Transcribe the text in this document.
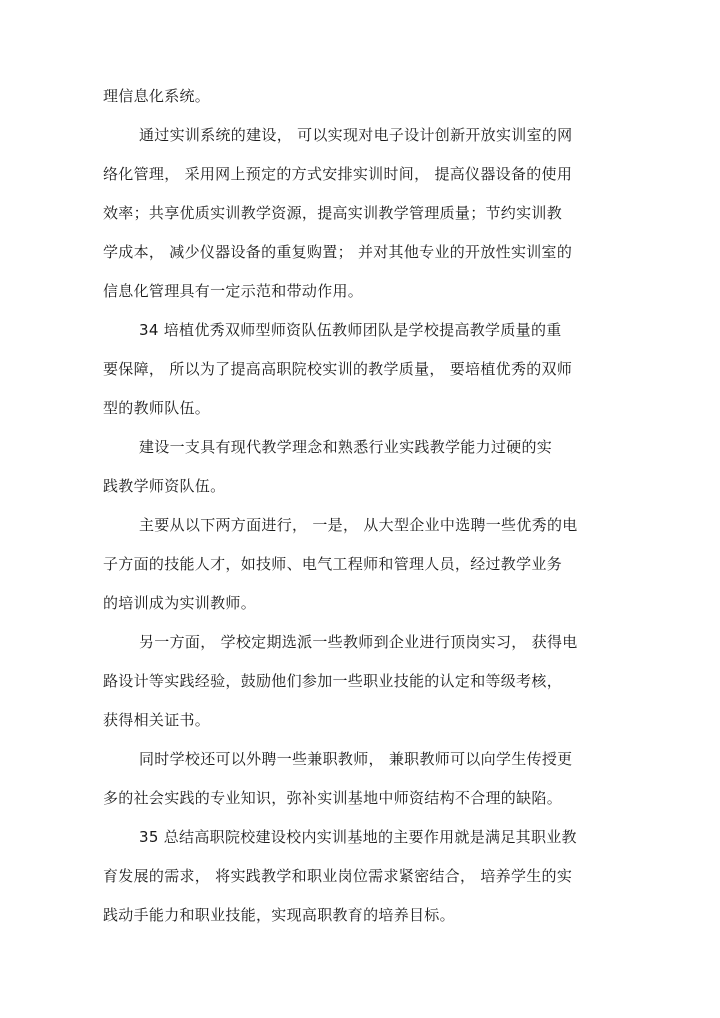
理信息化系统。
通过实训系统的建设， 可以实现对电子设计创新开放实训室的网
络化管理， 采用网上预定的方式安排实训时间， 提高仪器设备的使用
效率；共享优质实训教学资源，提高实训教学管理质量；节约实训教
学成本， 减少仪器设备的重复购置； 并对其他专业的开放性实训室的
信息化管理具有一定示范和带动作用。
34 培植优秀双师型师资队伍教师团队是学校提高教学质量的重
要保障， 所以为了提高高职院校实训的教学质量， 要培植优秀的双师
型的教师队伍。
建设一支具有现代教学理念和熟悉行业实践教学能力过硬的实
践教学师资队伍。
主要从以下两方面进行， 一是， 从大型企业中选聘一些优秀的电
子方面的技能人才，如技师、电气工程师和管理人员，经过教学业务
的培训成为实训教师。
另一方面， 学校定期选派一些教师到企业进行顶岗实习， 获得电
路设计等实践经验，鼓励他们参加一些职业技能的认定和等级考核，
获得相关证书。
同时学校还可以外聘一些兼职教师， 兼职教师可以向学生传授更
多的社会实践的专业知识，弥补实训基地中师资结构不合理的缺陷。
35 总结高职院校建设校内实训基地的主要作用就是满足其职业教
育发展的需求， 将实践教学和职业岗位需求紧密结合， 培养学生的实
践动手能力和职业技能，实现高职教育的培养目标。
